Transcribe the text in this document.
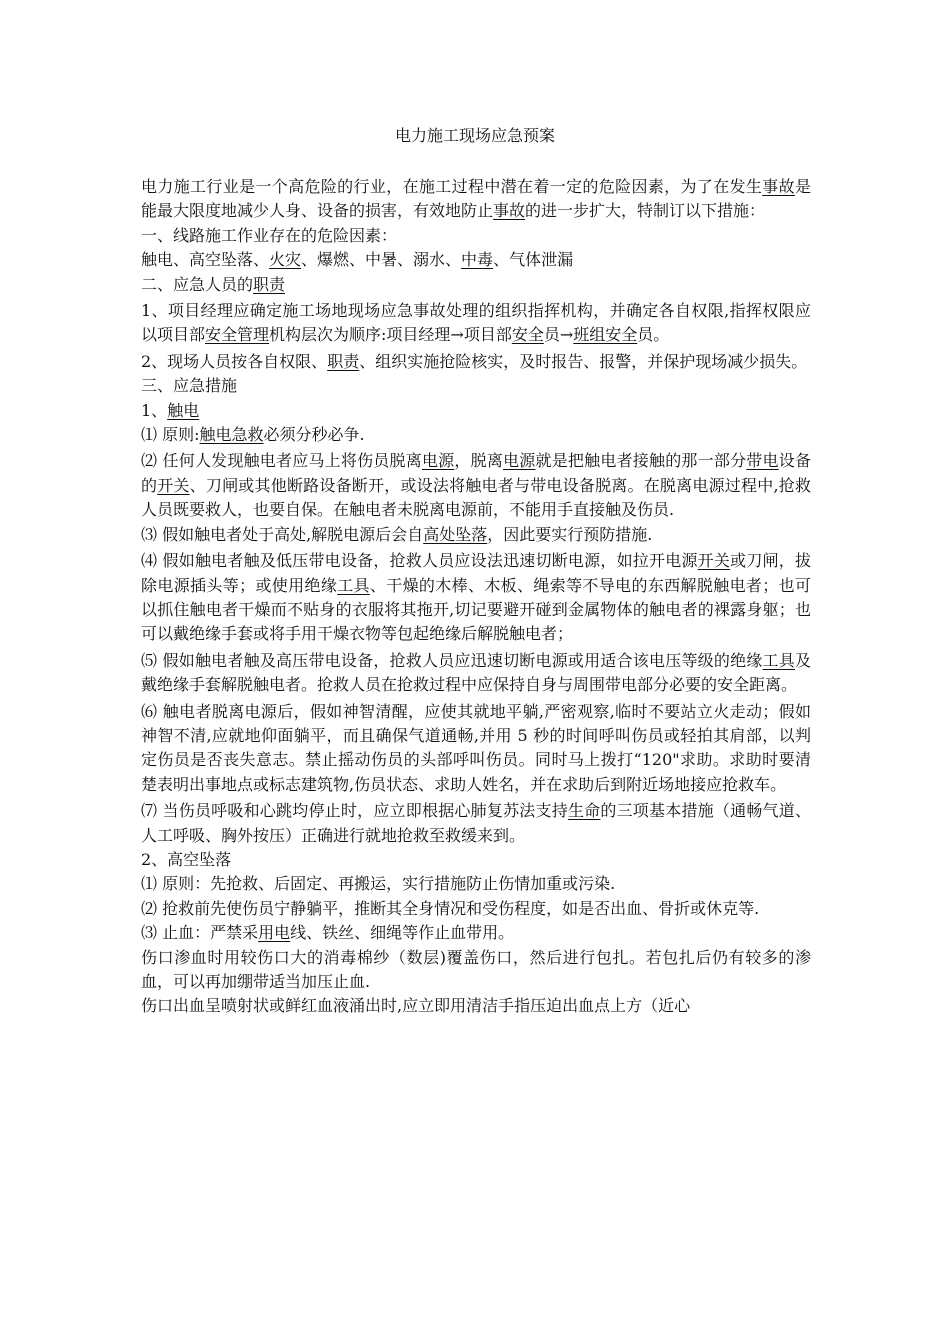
电力施工现场应急预案

电力施工行业是一个高危险的行业，在施工过程中潜在着一定的危险因素，为了在发生事故是能最大限度地减少人身、设备的损害，有效地防止事故的进一步扩大，特制订以下措施：

一、线路施工作业存在的危险因素：

触电、高空坠落、火灾、爆燃、中暑、溺水、中毒、气体泄漏

二、应急人员的职责

1、项目经理应确定施工场地现场应急事故处理的组织指挥机构，并确定各自权限,指挥权限应以项目部安全管理机构层次为顺序:项目经理→项目部安全员→班组安全员。

2、现场人员按各自权限、职责、组织实施抢险核实，及时报告、报警，并保护现场减少损失。

三、应急措施

1、触电

⑴ 原则:触电急救必须分秒必争.

⑵ 任何人发现触电者应马上将伤员脱离电源，脱离电源就是把触电者接触的那一部分带电设备的开关、刀闸或其他断路设备断开，或设法将触电者与带电设备脱离。在脱离电源过程中,抢救人员既要救人，也要自保。在触电者未脱离电源前，不能用手直接触及伤员.

⑶ 假如触电者处于高处,解脱电源后会自高处坠落，因此要实行预防措施.

⑷ 假如触电者触及低压带电设备，抢救人员应设法迅速切断电源，如拉开电源开关或刀闸，拔除电源插头等；或使用绝缘工具、干燥的木棒、木板、绳索等不导电的东西解脱触电者；也可以抓住触电者干燥而不贴身的衣服将其拖开,切记要避开碰到金属物体的触电者的裸露身躯；也可以戴绝缘手套或将手用干燥衣物等包起绝缘后解脱触电者；

⑸ 假如触电者触及高压带电设备，抢救人员应迅速切断电源或用适合该电压等级的绝缘工具及戴绝缘手套解脱触电者。抢救人员在抢救过程中应保持自身与周围带电部分必要的安全距离。

⑹ 触电者脱离电源后，假如神智清醒，应使其就地平躺,严密观察,临时不要站立火走动；假如神智不清,应就地仰面躺平，而且确保气道通畅,并用 5 秒的时间呼叫伤员或轻拍其肩部，以判定伤员是否丧失意志。禁止摇动伤员的头部呼叫伤员。同时马上拨打“120"求助。求助时要清楚表明出事地点或标志建筑物,伤员状态、求助人姓名，并在求助后到附近场地接应抢救车。

⑺ 当伤员呼吸和心跳均停止时，应立即根据心肺复苏法支持生命的三项基本措施（通畅气道、人工呼吸、胸外按压）正确进行就地抢救至救缓来到。

2、高空坠落

⑴ 原则：先抢救、后固定、再搬运，实行措施防止伤情加重或污染.

⑵ 抢救前先使伤员宁静躺平，推断其全身情况和受伤程度，如是否出血、骨折或休克等.

⑶ 止血：严禁采用电线、铁丝、细绳等作止血带用。

伤口渗血时用较伤口大的消毒棉纱（数层)覆盖伤口，然后进行包扎。若包扎后仍有较多的渗血，可以再加绷带适当加压止血.

伤口出血呈喷射状或鲜红血液涌出时,应立即用清洁手指压迫出血点上方（近心
